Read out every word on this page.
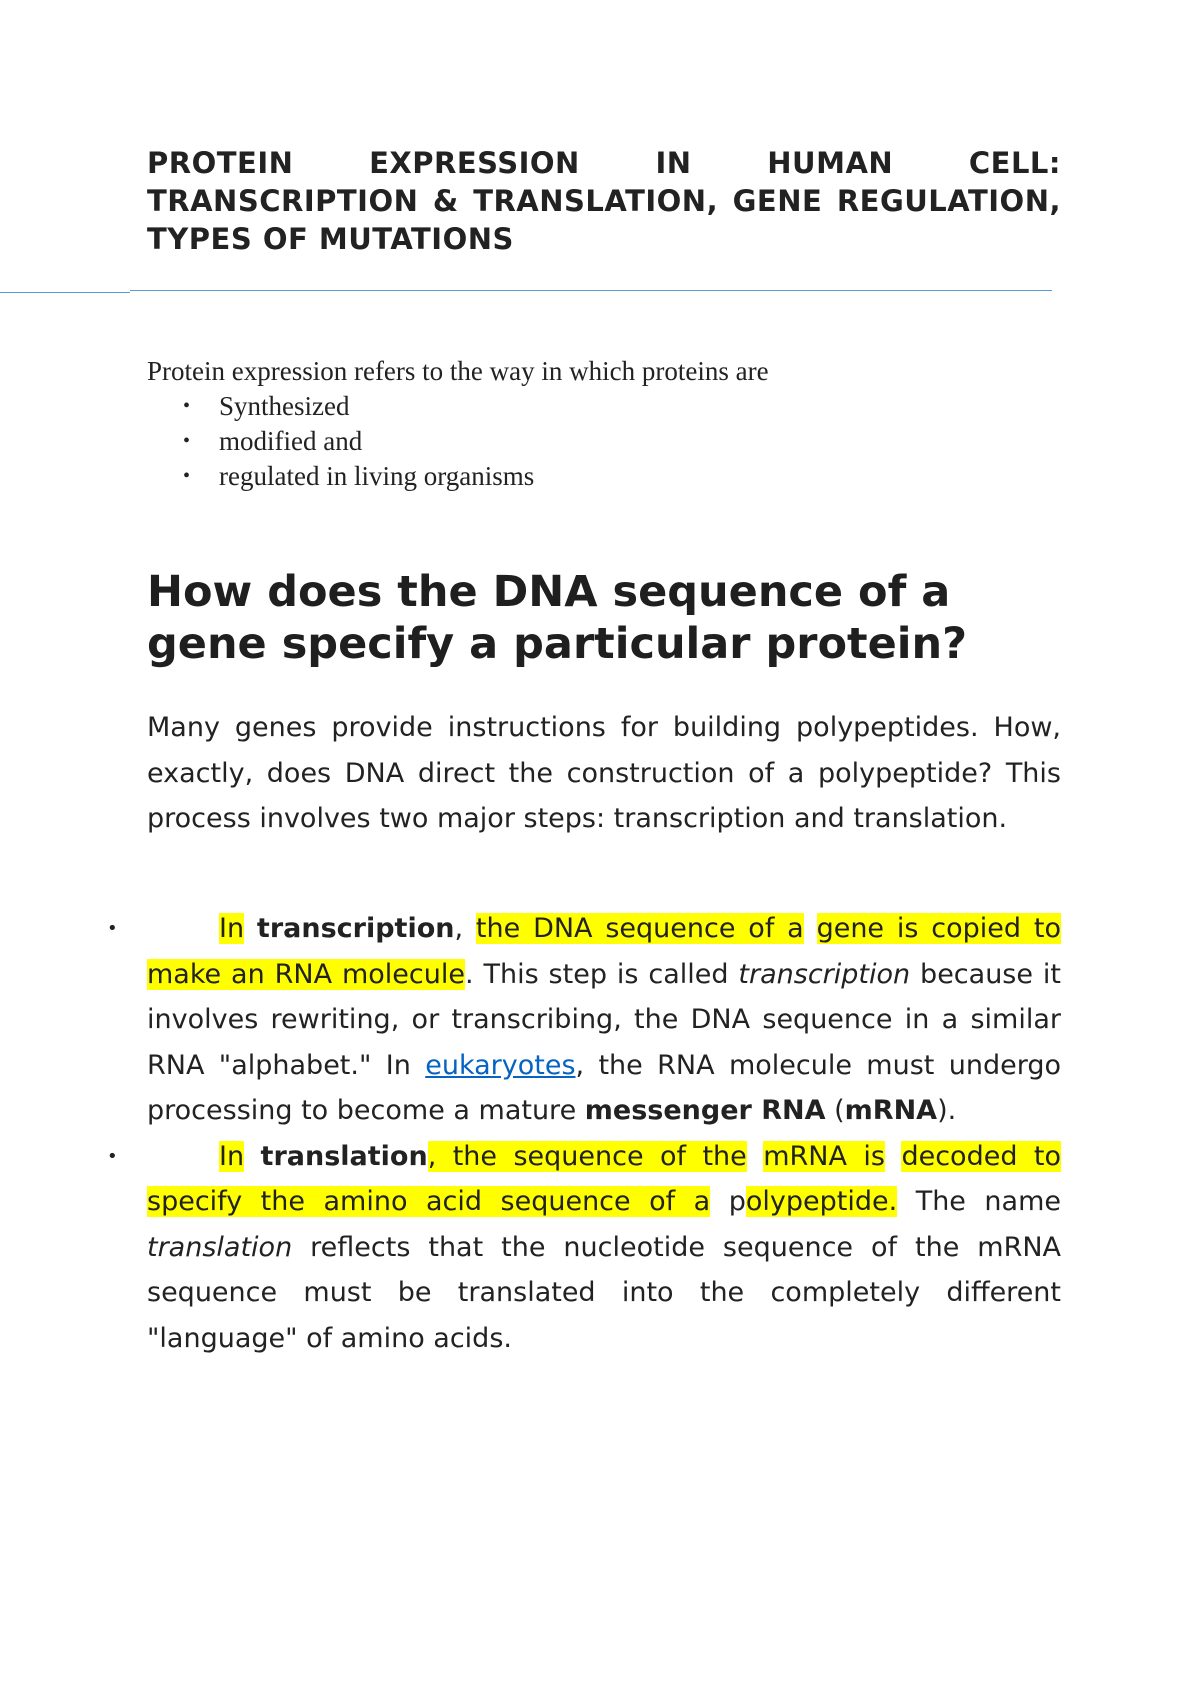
PROTEIN EXPRESSION IN HUMAN CELL: TRANSCRIPTION & TRANSLATION, GENE REGULATION, TYPES OF MUTATIONS

Protein expression refers to the way in which proteins are

• Synthesized
• modified and
• regulated in living organisms
How does the DNA sequence of a gene specify a particular protein?

Many genes provide instructions for building polypeptides. How, exactly, does DNA direct the construction of a polypeptide? This process involves two major steps: transcription and translation.

•	In transcription, the DNA sequence of a gene is copied to make an RNA molecule. This step is called transcription because it involves rewriting, or transcribing, the DNA sequence in a similar RNA "alphabet." In eukaryotes, the RNA molecule must undergo processing to become a mature messenger RNA (mRNA).
•	In translation, the sequence of the mRNA is decoded to specify the amino acid sequence of a polypeptide. The name translation reflects that the nucleotide sequence of the mRNA sequence must be translated into the completely different "language" of amino acids.
